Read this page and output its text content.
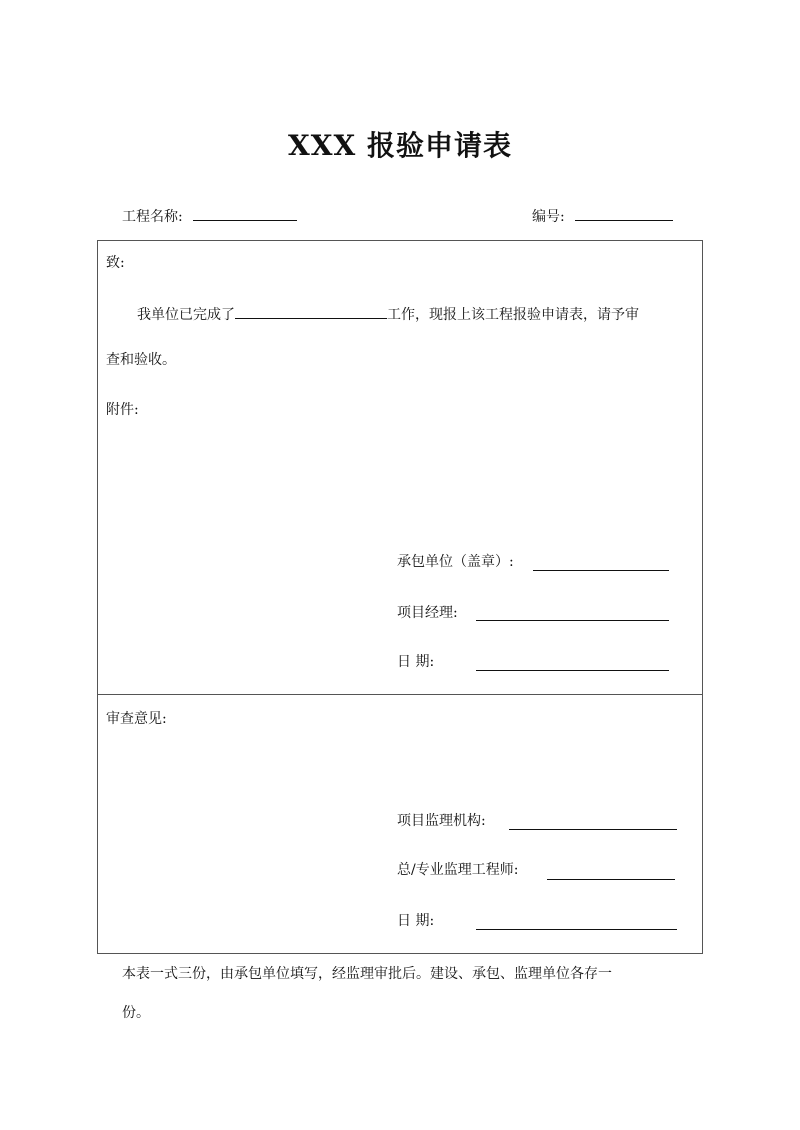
XXX 报验申请表
工程名称:	编号:
致:
我单位已完成了	工作，现报上该工程报验申请表，请予审
查和验收。
附件:
承包单位（盖章）:
项目经理:
日 期:
审查意见:
项目监理机构:
总/专业监理工程师:
日 期:
本表一式三份，由承包单位填写，经监理审批后。建设、承包、监理单位各存一
份。
